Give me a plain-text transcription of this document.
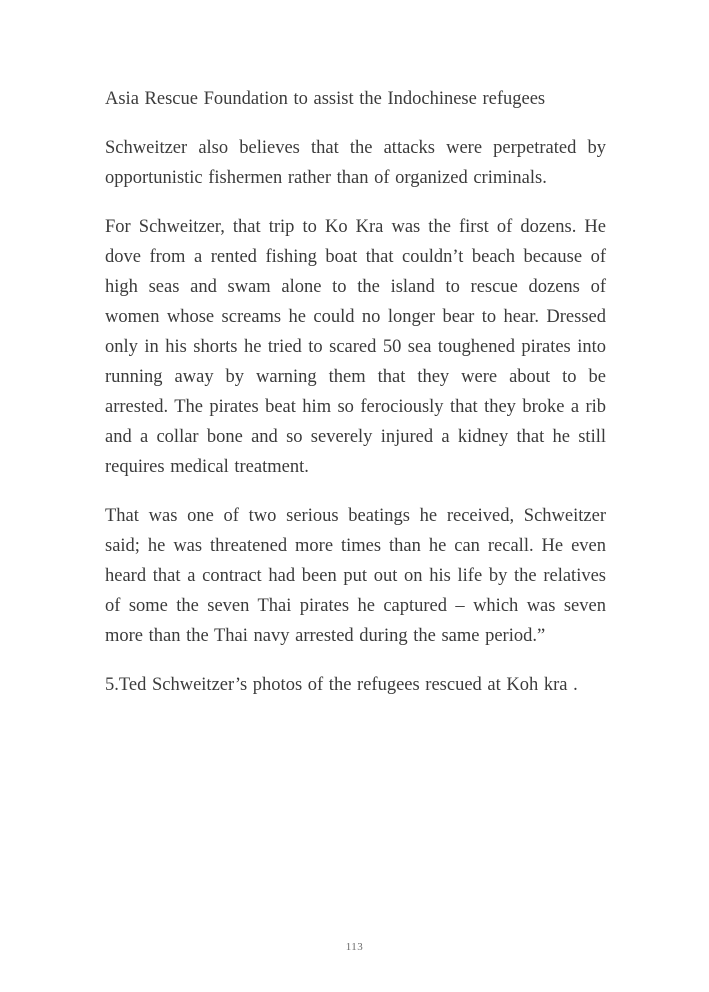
Asia Rescue Foundation to assist the Indochinese refugees

Schweitzer also believes that the attacks were perpetrated by opportunistic fishermen rather than of organized criminals.

For Schweitzer, that trip to Ko Kra was the first of dozens. He dove from a rented fishing boat that couldn’t beach because of high seas and swam alone to the island to rescue dozens of women whose screams he could no longer bear to hear. Dressed only in his shorts he tried to scared 50 sea toughened pirates into running away by warning them that they were about to be arrested. The pirates beat him so ferociously that they broke a rib and a collar bone and so severely injured a kidney that he still requires medical treatment.

That was one of two serious beatings he received, Schweitzer said; he was threatened more times than he can recall. He even heard that a contract had been put out on his life by the relatives of some the seven Thai pirates he captured – which was seven more than the Thai navy arrested during the same period.”

5.Ted Schweitzer’s photos of the refugees rescued at Koh kra .

113
